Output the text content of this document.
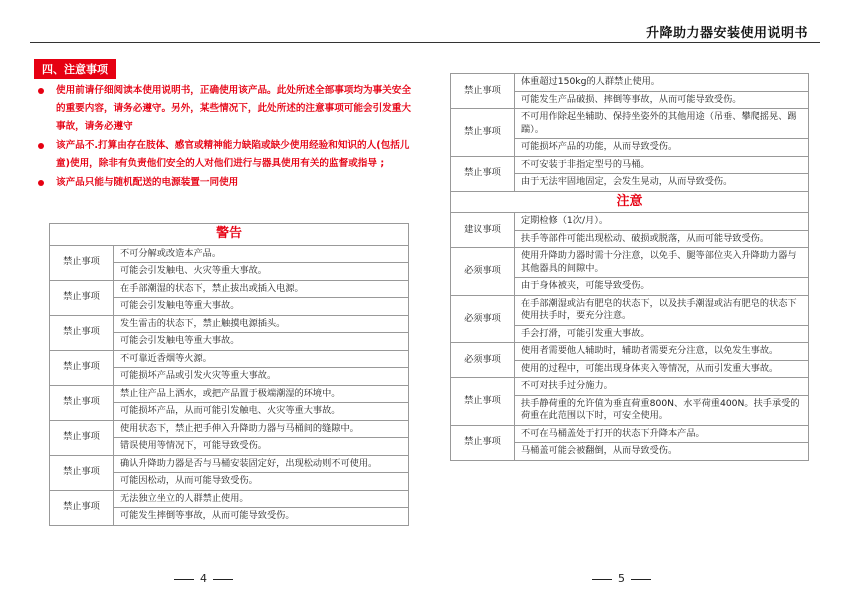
升降助力器安装使用说明书
四、注意事项
使用前请仔细阅读本使用说明书，正确使用该产品。此处所述全部事项均为事关安全的重要内容，请务必遵守。另外，某些情况下，此处所述的注意事项可能会引发重大事故，请务必遵守
该产品不.打算由存在肢体、感官或精神能力缺陷或缺少使用经验和知识的人(包括儿童)使用，除非有负责他们安全的人对他们进行与器具使用有关的监督或指导 ;
该产品只能与随机配送的电源装置一同使用
警告	
禁止事项	不可分解或改造本产品。
	可能会引发触电、火灾等重大事故。
禁止事项	在手部潮湿的状态下，禁止拔出或插入电源。
	可能会引发触电等重大事故。
禁止事项	发生雷击的状态下，禁止触摸电源插头。
	可能会引发触电等重大事故。
禁止事项	不可靠近香烟等火源。
	可能损坏产品或引发火灾等重大事故。
禁止事项	禁止往产品上洒水，或把产品置于极端潮湿的环境中。
	可能损坏产品，从而可能引发触电、火灾等重大事故。
禁止事项	使用状态下，禁止把手伸入升降助力器与马桶间的缝隙中。
	错误使用等情况下，可能导致受伤。
禁止事项	确认升降助力器是否与马桶安装固定好，出现松动则不可使用。
	可能因松动，从而可能导致受伤。
禁止事项	无法独立坐立的人群禁止使用。
	可能发生摔倒等事故，从而可能导致受伤。
禁止事项	体重超过150kg的人群禁止使用。
	可能发生产品破损、摔倒等事故，从而可能导致受伤。
禁止事项	不可用作除起坐辅助、保持坐姿外的其他用途（吊垂、攀爬摇晃、踢踹）。
	可能损坏产品的功能，从而导致受伤。
禁止事项	不可安装于非指定型号的马桶。
	由于无法牢固地固定，会发生晃动，从而导致受伤。
注意	
建议事项	定期检修（1次/月）。
	扶手等部件可能出现松动、破损或脱落，从而可能导致受伤。
必须事项	使用升降助力器时需十分注意，以免手、腿等部位夹入升降助力器与其他器具的间隙中。
	由于身体被夹，可能导致受伤。
必须事项	在手部潮湿或沾有肥皂的状态下，以及扶手潮湿或沾有肥皂的状态下使用扶手时，要充分注意。
	手会打滑，可能引发重大事故。
必须事项	使用者需要他人辅助时，辅助者需要充分注意，以免发生事故。
	使用的过程中，可能出现身体夹入等情况，从而引发重大事故。
禁止事项	不可对扶手过分施力。
	扶手静荷重的允许值为垂直荷重800N、水平荷重400N。扶手承受的荷重在此范围以下时，可安全使用。
禁止事项	不可在马桶盖处于打开的状态下升降本产品。
	马桶盖可能会被翻倒，从而导致受伤。
4	5
